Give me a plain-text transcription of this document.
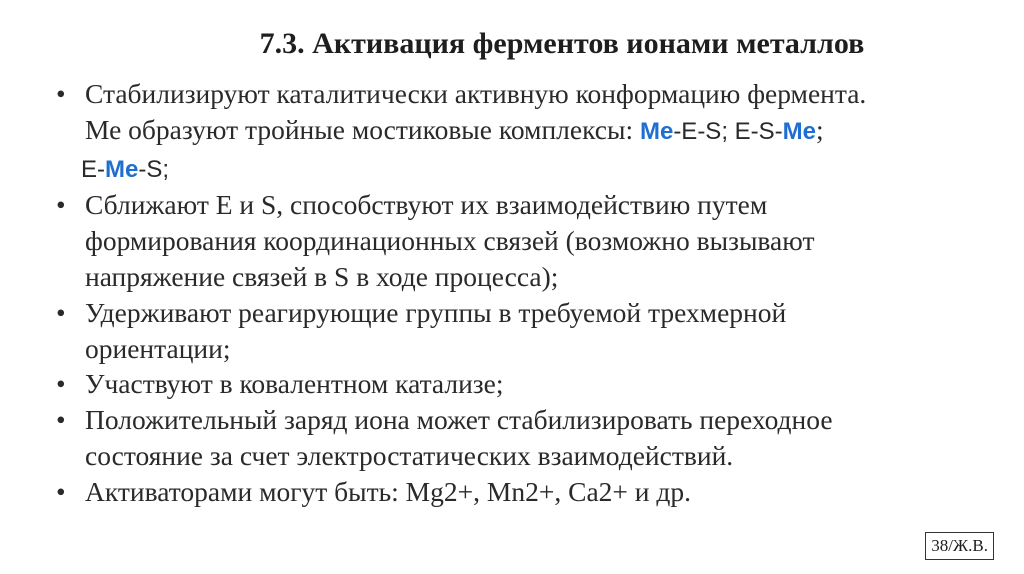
7.3. Активация ферментов ионами металлов
• Стабилизируют каталитически активную конформацию фермента.
Ме образуют тройные мостиковые комплексы: Me-E-S; E-S-Me;
E-Me-S;
• Сближают Е и S, способствуют их взаимодействию путем
формирования координационных связей (возможно вызывают
напряжение связей в S в ходе процесса);
• Удерживают реагирующие группы в требуемой трехмерной
ориентации;
• Участвуют в ковалентном катализе;
• Положительный заряд иона может стабилизировать переходное
состояние за счет электростатических взаимодействий.
• Активаторами могут быть: Mg2+, Mn2+, Ca2+ и др.
38/Ж.В.
